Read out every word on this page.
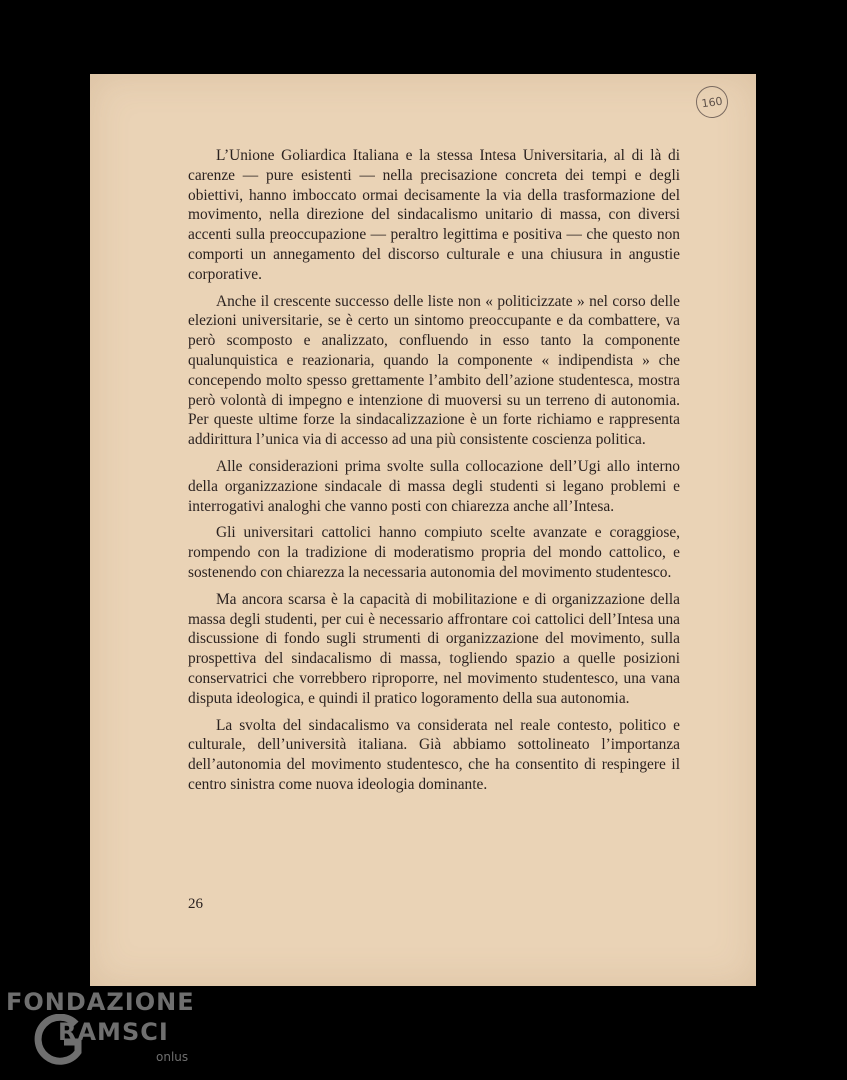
160

L’Unione Goliardica Italiana e la stessa Intesa Universitaria, al di là di carenze — pure esistenti — nella precisazione concreta dei tempi e degli obiettivi, hanno imboccato ormai decisamente la via della trasformazione del movimento, nella direzione del sindacalismo unitario di massa, con diversi accenti sulla preoccupazione — peraltro legittima e positiva — che questo non comporti un annegamento del discorso culturale e una chiusura in angustie corporative.

Anche il crescente successo delle liste non « politicizzate » nel corso delle elezioni universitarie, se è certo un sintomo preoccupante e da combattere, va però scomposto e analizzato, confluendo in esso tanto la componente qualunquistica e reazionaria, quando la componente « indipendista » che concependo molto spesso grettamente l’ambito dell’azione studentesca, mostra però volontà di impegno e intenzione di muoversi su un terreno di autonomia. Per queste ultime forze la sindacalizzazione è un forte richiamo e rappresenta addirittura l’unica via di accesso ad una più consistente coscienza politica.

Alle considerazioni prima svolte sulla collocazione dell’Ugi allo interno della organizzazione sindacale di massa degli studenti si legano problemi e interrogativi analoghi che vanno posti con chiarezza anche all’Intesa.

Gli universitari cattolici hanno compiuto scelte avanzate e coraggiose, rompendo con la tradizione di moderatismo propria del mondo cattolico, e sostenendo con chiarezza la necessaria autonomia del movimento studentesco.

Ma ancora scarsa è la capacità di mobilitazione e di organizzazione della massa degli studenti, per cui è necessario affrontare coi cattolici dell’Intesa una discussione di fondo sugli strumenti di organizzazione del movimento, sulla prospettiva del sindacalismo di massa, togliendo spazio a quelle posizioni conservatrici che vorrebbero riproporre, nel movimento studentesco, una vana disputa ideologica, e quindi il pratico logoramento della sua autonomia.

La svolta del sindacalismo va considerata nel reale contesto, politico e culturale, dell’università italiana. Già abbiamo sottolineato l’importanza dell’autonomia del movimento studentesco, che ha consentito di respingere il centro sinistra come nuova ideologia dominante.

26
FONDAZIONE
RAMSCI
onlus
